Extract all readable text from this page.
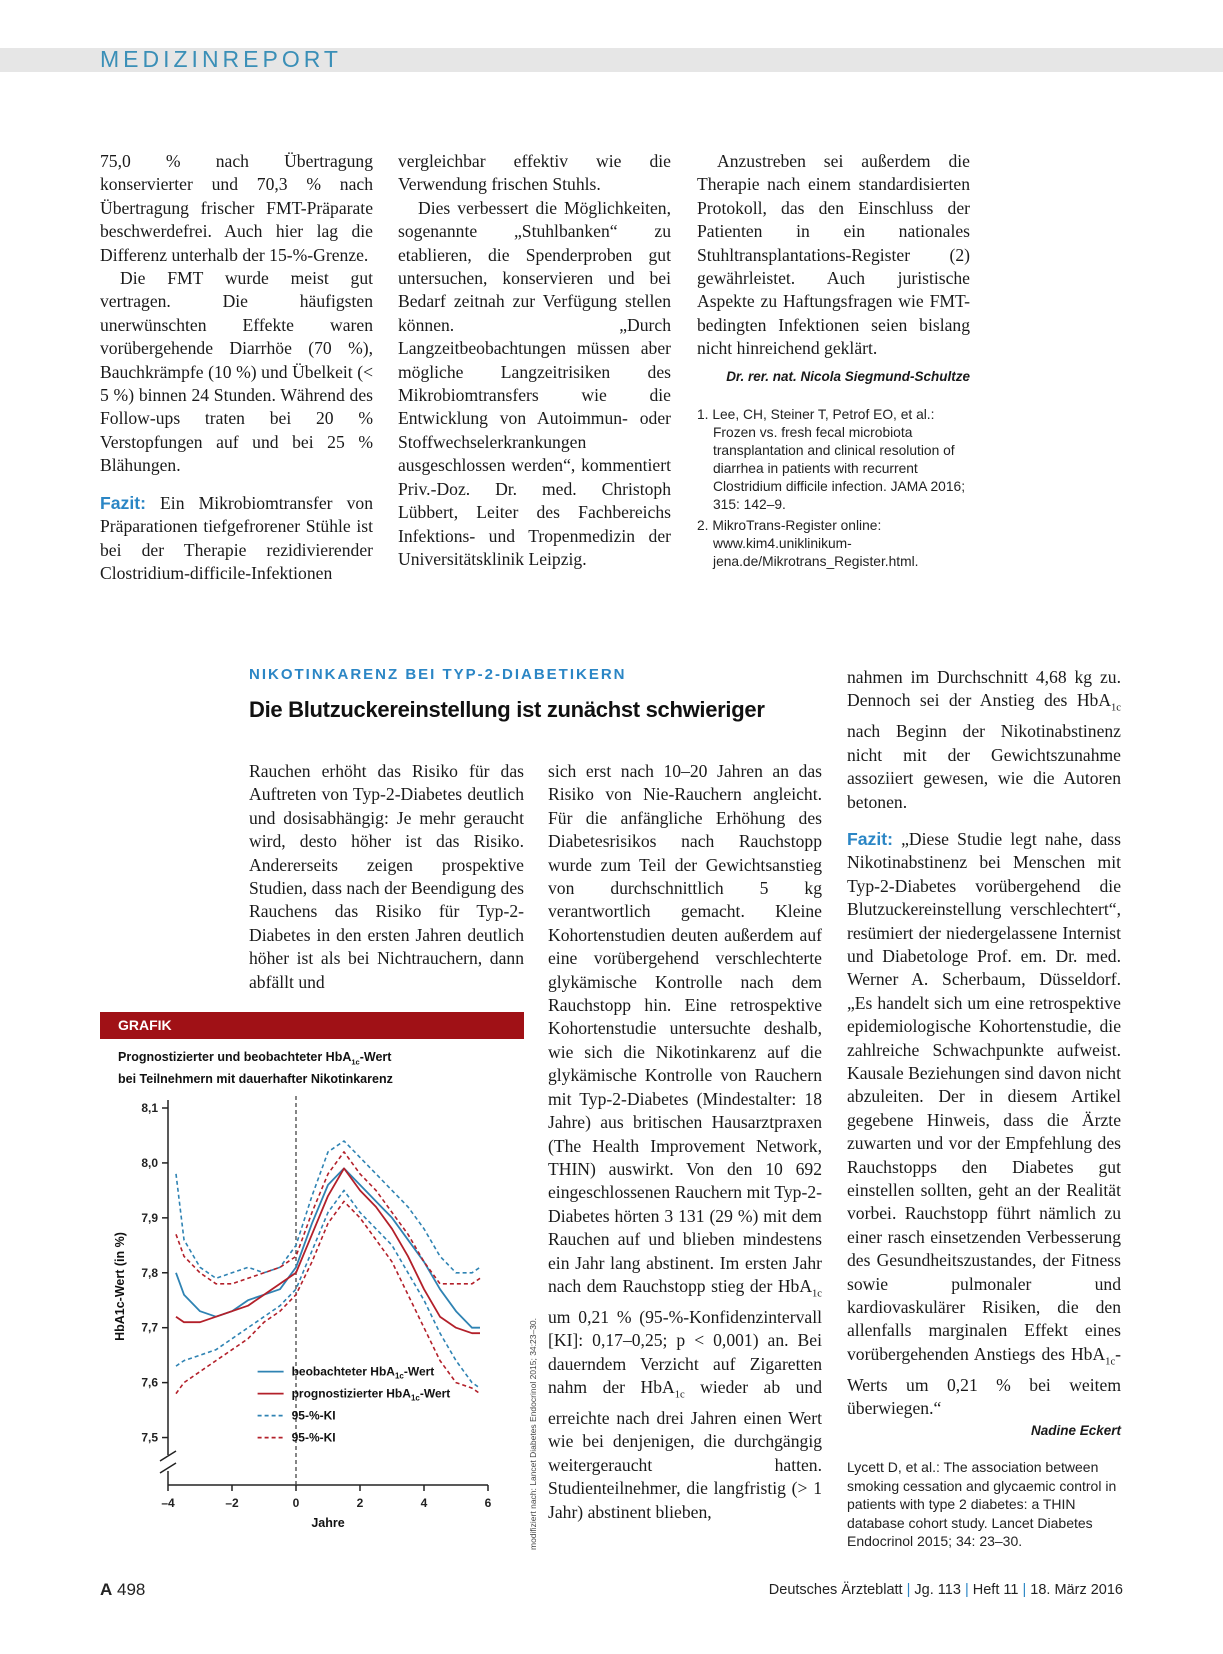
MEDIZINREPORT

75,0 % nach Übertragung konservierter und 70,3 % nach Übertragung frischer FMT-Präparate beschwerdefrei. Auch hier lag die Differenz unterhalb der 15-%-Grenze.

Die FMT wurde meist gut vertragen. Die häufigsten unerwünschten Effekte waren vorübergehende Diarrhöe (70 %), Bauchkrämpfe (10 %) und Übelkeit (< 5 %) binnen 24 Stunden. Während des Follow-ups traten bei 20 % Verstopfungen auf und bei 25 % Blähungen.

Fazit: Ein Mikrobiomtransfer von Präparationen tiefgefrorener Stühle ist bei der Therapie rezidivierender Clostridium-difficile-Infektionen

vergleichbar effektiv wie die Verwendung frischen Stuhls.

Dies verbessert die Möglichkeiten, sogenannte „Stuhlbanken“ zu etablieren, die Spenderproben gut untersuchen, konservieren und bei Bedarf zeitnah zur Verfügung stellen können. „Durch Langzeitbeobachtungen müssen aber mögliche Langzeitrisiken des Mikrobiomtransfers wie die Entwicklung von Autoimmun- oder Stoffwechselerkrankungen ausgeschlossen werden“, kommentiert Priv.-Doz. Dr. med. Christoph Lübbert, Leiter des Fachbereichs Infektions- und Tropenmedizin der Universitätsklinik Leipzig.

Anzustreben sei außerdem die Therapie nach einem standardisierten Protokoll, das den Einschluss der Patienten in ein nationales Stuhltransplantations-Register (2) gewährleistet. Auch juristische Aspekte zu Haftungsfragen wie FMT-bedingten Infektionen seien bislang nicht hinreichend geklärt.

Dr. rer. nat. Nicola Siegmund-Schultze

1. Lee, CH, Steiner T, Petrof EO, et al.: Frozen vs. fresh fecal microbiota transplantation and clinical resolution of diarrhea in patients with recurrent Clostridium difficile infection. JAMA 2016; 315: 142–9.
2. MikroTrans-Register online: www.kim4.uniklinikum-jena.de/Mikrotrans_Register.html.
NIKOTINKARENZ BEI TYP-2-DIABETIKERN
Die Blutzuckereinstellung ist zunächst schwieriger

Rauchen erhöht das Risiko für das Auftreten von Typ-2-Diabetes deutlich und dosisabhängig: Je mehr geraucht wird, desto höher ist das Risiko. Andererseits zeigen prospektive Studien, dass nach der Beendigung des Rauchens das Risiko für Typ-2-Diabetes in den ersten Jahren deutlich höher ist als bei Nichtrauchern, dann abfällt und

sich erst nach 10–20 Jahren an das Risiko von Nie-Rauchern angleicht. Für die anfängliche Erhöhung des Diabetesrisikos nach Rauchstopp wurde zum Teil der Gewichtsanstieg von durchschnittlich 5 kg verantwortlich gemacht. Kleine Kohortenstudien deuten außerdem auf eine vorübergehend verschlechterte glykämische Kontrolle nach dem Rauchstopp hin. Eine retrospektive Kohortenstudie untersuchte deshalb, wie sich die Nikotinkarenz auf die glykämische Kontrolle von Rauchern mit Typ-2-Diabetes (Mindestalter: 18 Jahre) aus britischen Hausarztpraxen (The Health Improvement Network, THIN) auswirkt. Von den 10 692 eingeschlossenen Rauchern mit Typ-2-Diabetes hörten 3 131 (29 %) mit dem Rauchen auf und blieben mindestens ein Jahr lang abstinent. Im ersten Jahr nach dem Rauchstopp stieg der HbA$_{1c}$ um 0,21 % (95-%-Konfidenzintervall [KI]: 0,17–0,25; p < 0,001) an. Bei dauerndem Verzicht auf Zigaretten nahm der HbA$_{1c}$ wieder ab und erreichte nach drei Jahren einen Wert wie bei denjenigen, die durchgängig weitergeraucht hatten. Studienteilnehmer, die langfristig (> 1 Jahr) abstinent blieben,

nahmen im Durchschnitt 4,68 kg zu. Dennoch sei der Anstieg des HbA$_{1c}$ nach Beginn der Nikotinabstinenz nicht mit der Gewichtszunahme assoziiert gewesen, wie die Autoren betonen.

Fazit: „Diese Studie legt nahe, dass Nikotinabstinenz bei Menschen mit Typ-2-Diabetes vorübergehend die Blutzuckereinstellung verschlechtert“, resümiert der niedergelassene Internist und Diabetologe Prof. em. Dr. med. Werner A. Scherbaum, Düsseldorf. „Es handelt sich um eine retrospektive epidemiologische Kohortenstudie, die zahlreiche Schwachpunkte aufweist. Kausale Beziehungen sind davon nicht abzuleiten. Der in diesem Artikel gegebene Hinweis, dass die Ärzte zuwarten und vor der Empfehlung des Rauchstopps den Diabetes gut einstellen sollten, geht an der Realität vorbei. Rauchstopp führt nämlich zu einer rasch einsetzenden Verbesserung des Gesundheitszustandes, der Fitness sowie pulmonaler und kardiovaskulärer Risiken, die den allenfalls marginalen Effekt eines vorübergehenden Anstiegs des HbA$_{1c}$-Werts um 0,21 % bei weitem überwiegen.“

Nadine Eckert

Lycett D, et al.: The association between smoking cessation and glycaemic control in patients with type 2 diabetes: a THIN database cohort study. Lancet Diabetes Endocrinol 2015; 34: 23–30.
GRAFIK
Prognostizierter und beobachteter HbA$_{1c}$-Wert
bei Teilnehmern mit dauerhafter Nikotinkarenz
8,1
8,0
7,9
7,8
7,7
7,6
7,5
–4	–2	0	2	4	6
Jahre
HbA1c-Wert (in %)
beobachteter HbA$_{1c}$-Wert
prognostizierter HbA$_{1c}$-Wert
95-%-KI
95-%-KI	modifiziert nach: Lancet Diabetes Endocrinol 2015; 34:23–30.
A 498	Deutsches Ärzteblatt | Jg. 113 | Heft 11 | 18. März 2016
